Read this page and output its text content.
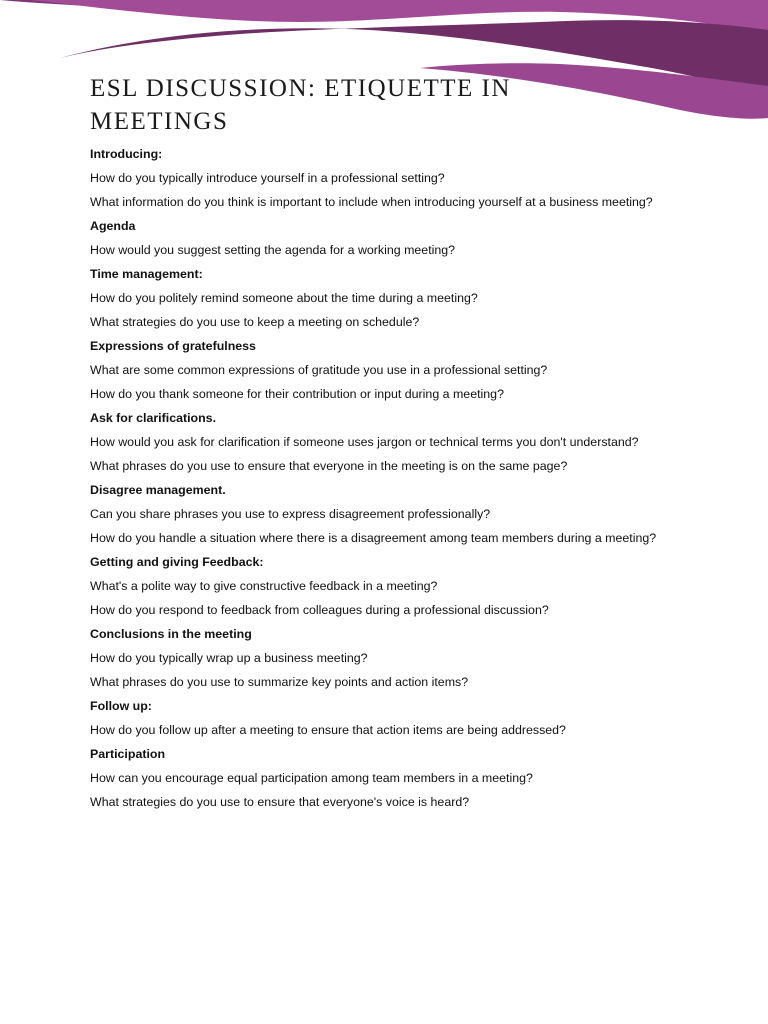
ESL DISCUSSION: ETIQUETTE IN MEETINGS
Introducing:
How do you typically introduce yourself in a professional setting?
What information do you think is important to include when introducing yourself at a business meeting?
Agenda
How would you suggest setting the agenda for a working meeting?
Time management:
How do you politely remind someone about the time during a meeting?
What strategies do you use to keep a meeting on schedule?
Expressions of gratefulness
What are some common expressions of gratitude you use in a professional setting?
How do you thank someone for their contribution or input during a meeting?
Ask for clarifications.
How would you ask for clarification if someone uses jargon or technical terms you don't understand?
What phrases do you use to ensure that everyone in the meeting is on the same page?
Disagree management.
Can you share phrases you use to express disagreement professionally?
How do you handle a situation where there is a disagreement among team members during a meeting?
Getting and giving Feedback:
What's a polite way to give constructive feedback in a meeting?
How do you respond to feedback from colleagues during a professional discussion?
Conclusions in the meeting
How do you typically wrap up a business meeting?
What phrases do you use to summarize key points and action items?
Follow up:
How do you follow up after a meeting to ensure that action items are being addressed?
Participation
How can you encourage equal participation among team members in a meeting?
What strategies do you use to ensure that everyone's voice is heard?
